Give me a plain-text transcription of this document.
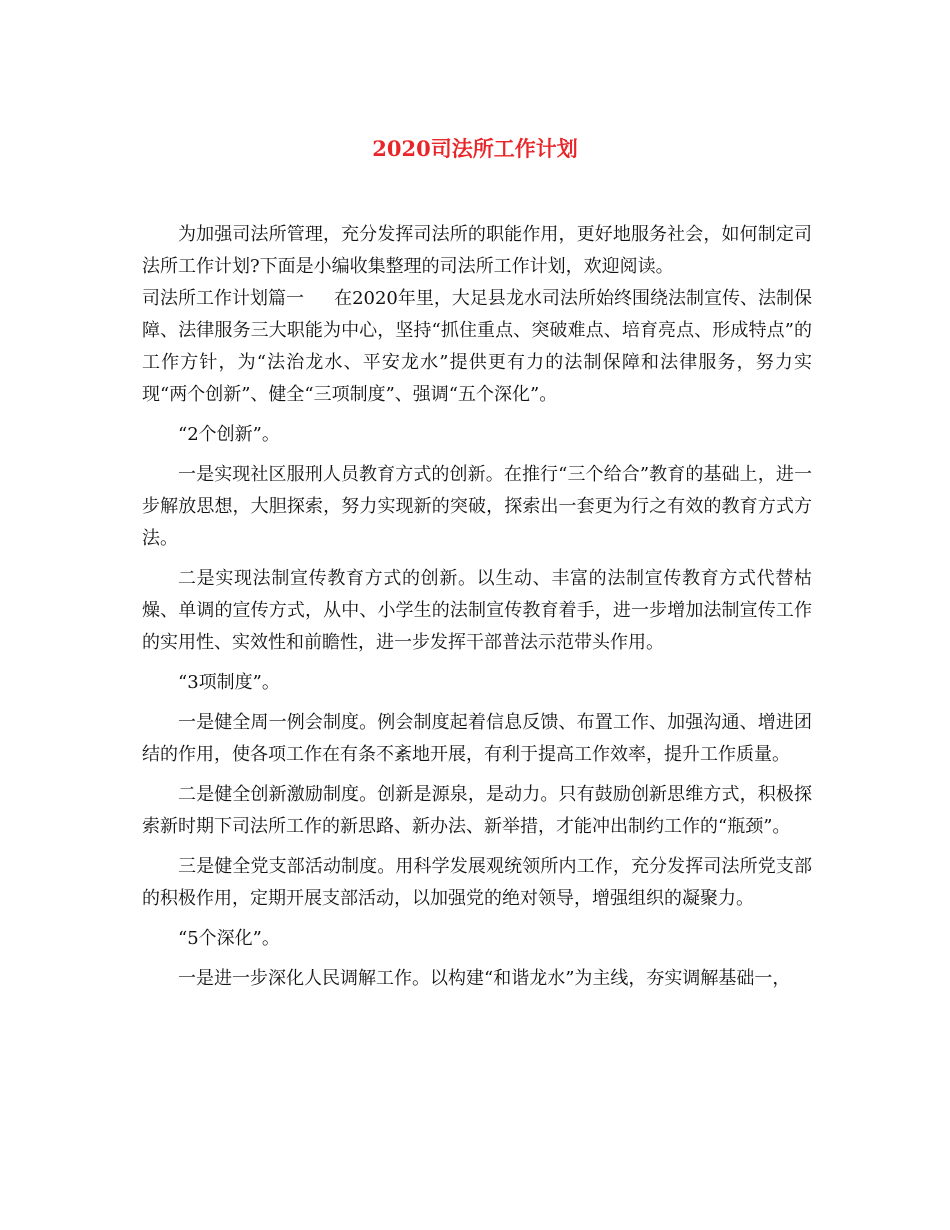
2020司法所工作计划

为加强司法所管理，充分发挥司法所的职能作用，更好地服务社会，如何制定司法所工作计划?下面是小编收集整理的司法所工作计划，欢迎阅读。

司法所工作计划篇一 在2020年里，大足县龙水司法所始终围绕法制宣传、法制保障、法律服务三大职能为中心，坚持“抓住重点、突破难点、培育亮点、形成特点”的工作方针，为“法治龙水、平安龙水”提供更有力的法制保障和法律服务，努力实现“两个创新”、健全“三项制度”、强调“五个深化”。

“2个创新”。

一是实现社区服刑人员教育方式的创新。在推行“三个给合”教育的基础上，进一步解放思想，大胆探索，努力实现新的突破，探索出一套更为行之有效的教育方式方法。

二是实现法制宣传教育方式的创新。以生动、丰富的法制宣传教育方式代替枯燥、单调的宣传方式，从中、小学生的法制宣传教育着手，进一步增加法制宣传工作的实用性、实效性和前瞻性，进一步发挥干部普法示范带头作用。

“3项制度”。

一是健全周一例会制度。例会制度起着信息反馈、布置工作、加强沟通、增进团结的作用，使各项工作在有条不紊地开展，有利于提高工作效率，提升工作质量。

二是健全创新激励制度。创新是源泉，是动力。只有鼓励创新思维方式，积极探索新时期下司法所工作的新思路、新办法、新举措，才能冲出制约工作的“瓶颈”。

三是健全党支部活动制度。用科学发展观统领所内工作，充分发挥司法所党支部的积极作用，定期开展支部活动，以加强党的绝对领导，增强组织的凝聚力。

“5个深化”。

一是进一步深化人民调解工作。以构建“和谐龙水”为主线，夯实调解基础一，
